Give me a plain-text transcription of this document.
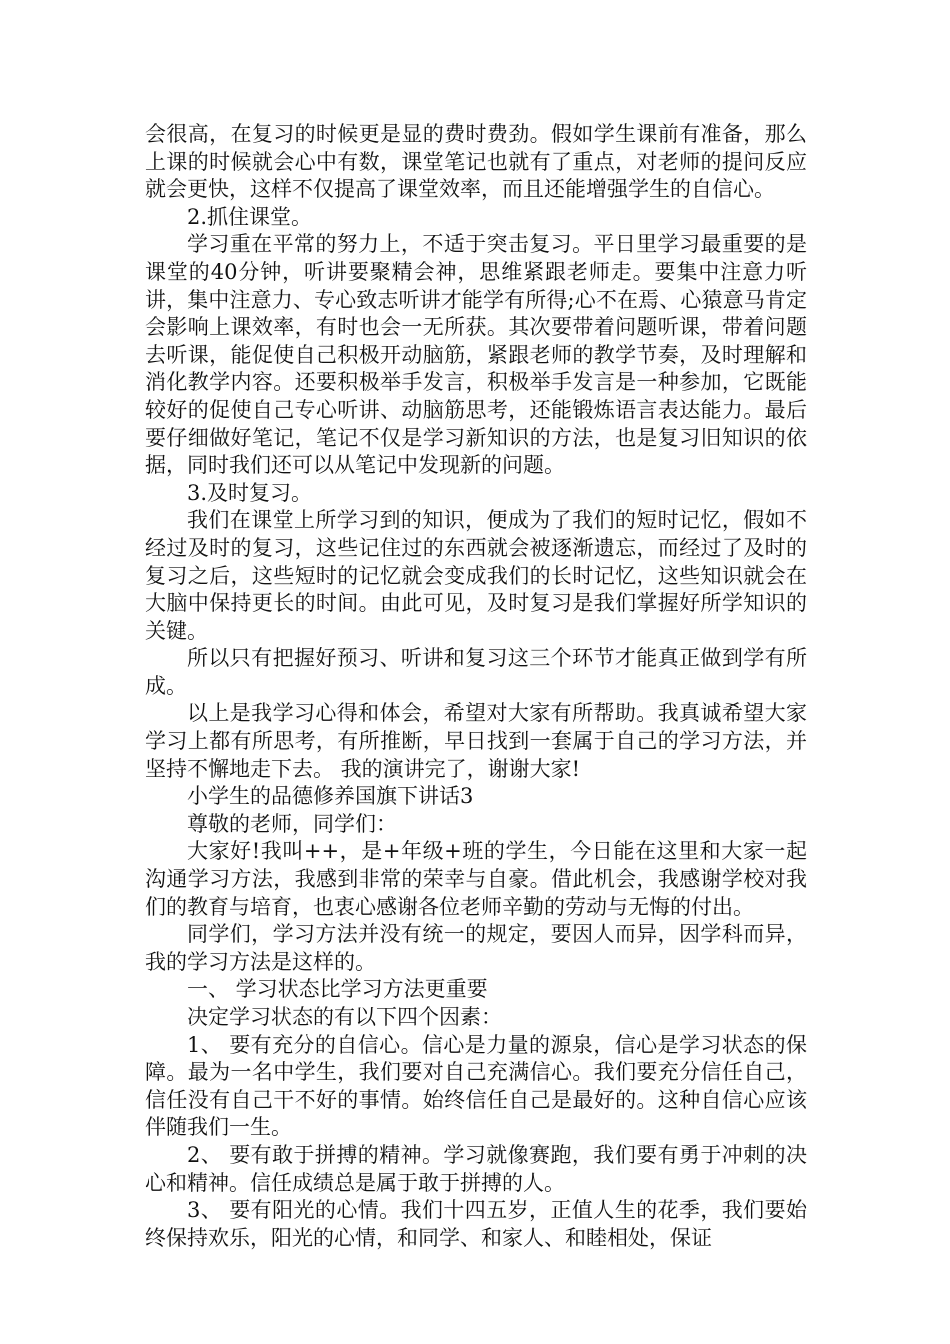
会很高，在复习的时候更是显的费时费劲。假如学生课前有准备，那么上课的时候就会心中有数，课堂笔记也就有了重点，对老师的提问反应就会更快，这样不仅提高了课堂效率，而且还能增强学生的自信心。

2.抓住课堂。

学习重在平常的努力上，不适于突击复习。平日里学习最重要的是课堂的40分钟，听讲要聚精会神，思维紧跟老师走。要集中注意力听讲，集中注意力、专心致志听讲才能学有所得;心不在焉、心猿意马肯定会影响上课效率，有时也会一无所获。其次要带着问题听课，带着问题去听课，能促使自己积极开动脑筋，紧跟老师的教学节奏，及时理解和消化教学内容。还要积极举手发言，积极举手发言是一种参加，它既能较好的促使自己专心听讲、动脑筋思考，还能锻炼语言表达能力。最后要仔细做好笔记，笔记不仅是学习新知识的方法，也是复习旧知识的依据，同时我们还可以从笔记中发现新的问题。

3.及时复习。

我们在课堂上所学习到的知识，便成为了我们的短时记忆，假如不经过及时的复习，这些记住过的东西就会被逐渐遗忘，而经过了及时的复习之后，这些短时的记忆就会变成我们的长时记忆，这些知识就会在大脑中保持更长的时间。由此可见，及时复习是我们掌握好所学知识的关键。

所以只有把握好预习、听讲和复习这三个环节才能真正做到学有所成。

以上是我学习心得和体会，希望对大家有所帮助。我真诚希望大家学习上都有所思考，有所推断，早日找到一套属于自己的学习方法，并坚持不懈地走下去。 我的演讲完了，谢谢大家!

小学生的品德修养国旗下讲话3

尊敬的老师，同学们：

大家好!我叫++，是+年级+班的学生，今日能在这里和大家一起沟通学习方法，我感到非常的荣幸与自豪。借此机会，我感谢学校对我们的教育与培育，也衷心感谢各位老师辛勤的劳动与无悔的付出。

同学们，学习方法并没有统一的规定，要因人而异，因学科而异，我的学习方法是这样的。

一、 学习状态比学习方法更重要

决定学习状态的有以下四个因素：

1、 要有充分的自信心。信心是力量的源泉，信心是学习状态的保障。最为一名中学生，我们要对自己充满信心。我们要充分信任自己，信任没有自己干不好的事情。始终信任自己是最好的。这种自信心应该伴随我们一生。

2、 要有敢于拼搏的精神。学习就像赛跑，我们要有勇于冲刺的决心和精神。信任成绩总是属于敢于拼搏的人。

3、 要有阳光的心情。我们十四五岁，正值人生的花季，我们要始终保持欢乐，阳光的心情，和同学、和家人、和睦相处，保证
